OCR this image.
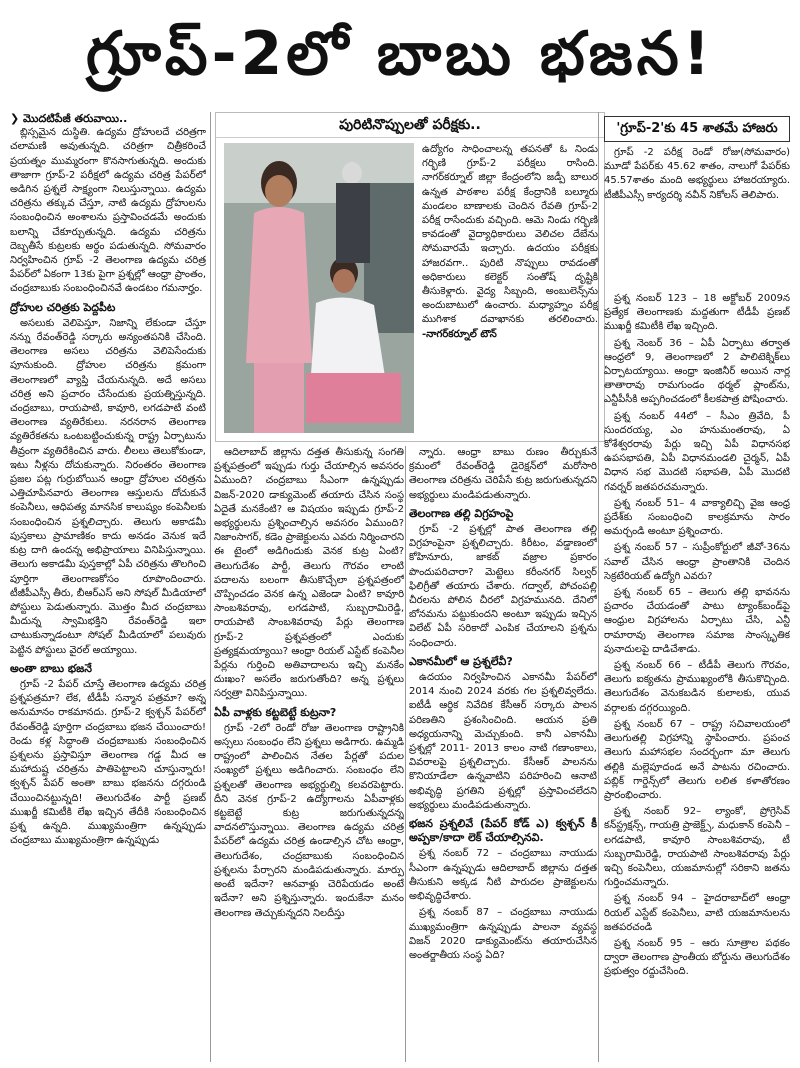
గ్రూప్-2లో బాబు భజన!
❯ మొదటిపేజీ తరువాయి..

బ్లిస్సమైన దుస్థితి. ఉద్యమ ద్రోహులదే చరిత్రగా చలామణి అవుతున్నది. చరిత్రగా చిత్రీకరించే ప్రయత్నం ముమ్మరంగా కొనసాగుతున్నది. అందుకు తాజాగా గ్రూప్-2 పరీక్షలో ఉద్యమ చరిత్ర పేపర్‌లో అడిగిన ప్రశ్నలే సాక్ష్యంగా నిలుస్తున్నాయి. ఉద్యమ చరిత్రను తక్కువ చేస్తూ, నాటి ఉద్యమ ద్రోహులను సంబంధించిన అంశాలను ప్రస్తావించడమే అందుకు బలాన్ని చేకూర్చుతున్నది. ఉద్యమ చరిత్రను దెబ్బతీసే కుట్రలకు అర్థం పడుతున్నది. సోమవారం నిర్వహించిన గ్రూప్ -2 తెలంగాణ ఉద్యమ చరిత్ర పేపర్‌లో ఏకంగా 13కు పైగా ప్రశ్నల్లో ఆంధ్రా ప్రాంతం, చంద్రబాబుకు సంబంధించినవే ఉండటం గమనార్హం.

ద్రోహుల చరిత్రకు పెద్దపీట

అసలుకు వెలిపెస్తూ, నిజాన్ని లేకుండా చేస్తూ నన్ను రేవంత్‌రెడ్డి సర్కారు అన్యంతపనికి చేసింది. తెలంగాణ అసలు చరిత్రను వెలిపెసేందుకు పూనుకుంది. ద్రోహుల చరిత్రను క్రమంగా తెలంగాణలో వ్యాప్తి చేయనున్నది. అదే అసలు చరిత్ర అని ప్రచారం చేసేందుకు ప్రయత్నిస్తున్నది. చంద్రబాబు, రాయపాటి, కావూరి, లగడపాటి వంటి తెలంగాణ వ్యతిరేకులు. నరనరాన తెలంగాణ వ్యతిరేకతను ఒంటబట్టించుకున్న రాష్ట్ర ఏర్పాటును తీవ్రంగా వ్యతిరేకించిన వారు. లీలలు తెలుకోకుండా, ఇటు నీళ్లను దోచుకున్నారు. నిరంతరం తెలంగాణ ప్రజల పట్ల గుర్రుబోయిన ఆంధ్రా ద్రోహుల చరిత్రను ఎత్తిచూపినవారు తెలంగాణ ఆస్తులను దోచుకునే కంపెనీలు, ఆధిపత్య మానసిక కాలుష్యం కంపెనీలకు సంబంధించిన ప్రశ్నలిచ్చారు. తెలుగు అకాడమీ పుస్తకాలు ప్రామాణికం కాదు అనడం వెనుక ఇదే కుట్ర దాగి ఉందన్న అభిప్రాయాలు వినిపిస్తున్నాయి. తెలుగు అకాడమీ పుస్తకాల్లో ఏపీ చరిత్రను తొలగించి పూర్తిగా తెలంగాణకోసం రూపొందించారు. టీజీపీఎస్సీ తీరు, బీఆర్‌ఎస్ అని సోషల్ మీడియాలో పోస్టులు పెడుతున్నారు. మొత్తం మీద చంద్రబాబు మీదున్న స్వామిభక్తిని రేవంత్‌రెడ్డి ఇలా చాటుకున్నాడంటూ సోషల్ మీడియాలో పలువురు పెట్టిన పోస్టులు వైరల్ అయ్యాయి.

అంతా బాబు భజనే

గ్రూప్ -2 పేపర్ చూస్తే తెలంగాణ ఉద్యమ చరిత్ర ప్రశ్నపత్రమా? లేక, టీడీపీ సన్మాన పత్రమా? అన్న అనుమానం రాకమానదు. గ్రూప్-2 క్వశ్చన్ పేపర్‌లో రేవంత్‌రెడ్డి పూర్తిగా చంద్రబాబు భజన చేయించారు! రెండు కళ్ల సిద్ధాంతి చంద్రబాబుకు సంబంధించిన ప్రశ్నలను ప్రస్తావిస్తూ తెలంగాణ గడ్డ మీద ఆ మహాదుష్ట చరిత్రను పాతిపెట్టాలని చూస్తున్నారు! క్వశ్చన్ పేపర్ అంతా బాబు భజనను దగ్గరుండి చేయించినట్టున్నది! తెలుగుదేశం పార్టీ ప్రణబ్ ముఖర్జీ కమిటీకి లేఖ ఇచ్చిన తేదీకి సంబంధించిన ప్రశ్న ఉన్నది. ముఖ్యమంత్రిగా ఉన్నప్పుడు చంద్రబాబు ముఖ్యమంత్రిగా ఉన్నప్పుడు

పురిటినొప్పులతో పరీక్షకు..
ఉద్యోగం సాధించాలన్న తపనతో ఓ నిండు గర్భిణి గ్రూప్-2 పరీక్షలు రాసింది. నాగర్‌కర్నూల్ జిల్లా కేంద్రంలోని జడ్పీ బాలుర ఉన్నత పాఠశాల పరీక్ష కేంద్రానికి బల్మూరు మండలం బాణాలకు చెందిన రేవతి గ్రూప్-2 పరీక్ష రాసేందుకు వచ్చింది. ఆమె నిండు గర్భిణి కావడంతో వైద్యాధికారులు వెలిచల దేబేను సోమవారమే ఇచ్చారు. ఉదయం పరీక్షకు హాజరవగా.. పురిటి నొప్పులు రావడంతో అధికారులు కలెక్టర్ సంతోష్ దృష్టికి తీసుకెళ్లారు. వైద్య సిబ్బంది, అంబులెన్స్‌ను అందుబాటులో ఉంచారు. మధ్యాహ్నం పరీక్ష ముగిశాక దవాఖానకు తరలించారు. -నాగర్‌కర్నూల్ టౌన్
'గ్రూప్-2'కు 45 శాతమే హాజరు

గ్రూప్ -2 పరీక్ష రెండో రోజు(సోమవారం) మూడో పేపర్‌కు 45.62 శాతం, నాలుగో పేపర్‌కు 45.57శాతం మంది అభ్యర్థులు హాజరయ్యారు. టీజీపీఎస్సీ కార్యదర్శి నవీన్ నికోలస్ తెలిపారు.

ఆదిలాబాద్ జిల్లాను దత్తత తీసుకున్న సంగతి ప్రశ్నపత్రంలో ఇప్పుడు గుర్తు చేయాల్సిన అవసరం ఏముంది? చంద్రబాబు సీఎంగా ఉన్నప్పుడు విజన్-2020 డాక్యుమెంట్ తయారు చేసిన సంస్థ ఏదైతే మనకేంటి? ఆ విషయం ఇప్పుడు గ్రూప్-2 అభ్యర్థులను ప్రశ్నించాల్సిన అవసరం ఏముంది? నిజాంసాగర్, కడెం ప్రాజెక్టులను ఎవరు నిర్మించారని ఈ టైంలో అడిగిందుకు వెనక కుట్ర ఏంటి? తెలుగుదేశం పార్టీ, తెలుగు గౌరవం లాంటి పదాలను బలంగా తీసుకొచ్చేలా ప్రశ్నపత్రంలో చొప్పించడం వెనక ఉన్న ఎజెండా ఏంటి? కావూరి సాంబశివరావు, లగడపాటి, సుబ్బరామిరెడ్డి, రాయపాటి సాంబశివరావు పేర్లు తెలంగాణ గ్రూప్-2 ప్రశ్నపత్రంలో ఎందుకు ప్రత్యక్షమయ్యాయి? ఆంధ్రా రియల్ ఎస్టేట్ కంపెనీల పేర్లను గుర్తించి అతివాదాలను ఇచ్చి మనకేం దుఃఖం? అసలేం జరుగుతోంది? అన్న ప్రశ్నలు సర్వత్రా వినిపిస్తున్నాయి.

ఏపీ వాళ్లకు కట్టబెట్టే కుట్రనా?

గ్రూప్ -2లో రెండో రోజు తెలంగాణ రాష్ట్రానికి అస్సలు సంబంధం లేని ప్రశ్నలు అడిగారు. ఉమ్మడి రాష్ట్రంలో పాలించిన నేతల పేర్లతో పదుల సంఖ్యలో ప్రశ్నలు అడిగించారు. సంబంధం లేని ప్రశ్నలతో తెలంగాణ అభ్యర్థుల్ని కలవరపెట్టారు. దీని వెనక గ్రూప్-2 ఉద్యోగాలను ఏపీవాళ్లకు కట్టబెట్టే కుట్ర జరుగుతున్నదన్న వాదనలొస్తున్నాయి. తెలంగాణ ఉద్యమ చరిత్ర పేపర్‌లో ఉద్యమ చరిత్ర ఉండాల్సిన చోట ఆంధ్రా, తెలుగుదేశం, చంద్రబాబుకు సంబంధించిన ప్రశ్నలను పేర్చారని మండిపడుతున్నారు. మార్పు అంటే ఇదేనా? ఆనవాళ్లు చెరిపేయడం అంటే ఇదేనా? అని ప్రశ్నిస్తున్నారు. ఇందుకేనా మనం తెలంగాణ తెచ్చుకున్నదని నిలదీస్తు

న్నారు. ఆంధ్రా బాబు రుణం తీర్చుకునే క్రమంలో రేవంత్‌రెడ్డి డైరెక్షన్‌లో మరోసారి తెలంగాణ చరిత్రను చెరిపేసే కుట్ర జరుగుతున్నదని అభ్యర్థులు మండిపడుతున్నారు.

తెలంగాణ తల్లి విగ్రహంపై

గ్రూప్ -2 ప్రశ్నల్లో పాత తెలంగాణ తల్లి విగ్రహంపైనా ప్రశ్నలిచ్చారు. కిరీటం, వడ్డాణంలో కోహినూరు, జాకబ్ వజ్రాల ప్రకారం పొందుపరిచారా? మెట్టెలు కరీంనగర్ సిల్వర్ ఫిలిగ్రీతో తయారు చేశారు. గద్వాల్, పోచంపల్లి చీరలను పోలిన చీరలో విగ్రహమునది. దేనిలో బోనమను పట్టుకుందని అంటూ ఇప్పుడు ఇచ్చిన విలేట్ ఏపీ సరికాదో ఎంపిక చేయాలని ప్రశ్నను సంధించారు.

ఎకానమీలో ఆ ప్రశ్నలేవీ?

ఉదయం నిర్వహించిన ఎకానమీ పేపర్‌లో 2014 నుంచి 2024 వరకు గల ప్రశ్నలివ్వలేదు. ఐటీడీ ఆర్థిక నివేదిక కేసీఆర్ సర్కారు పాలన పరిణతిని ప్రశంసించింది. ఆయన ప్రతి అధ్యయనాన్ని మెచ్చుకుంది. కానీ ఎకానమీ ప్రశ్నల్లో 2011- 2013 కాలం నాటి గణాంకాలు, వివరాలపై ప్రశ్నలిచ్చారు. కేసీఆర్ పాలనను కొనియాడేలా ఉన్నవాటిని పరిహరించి ఆనాటి అభివృద్ధి ప్రగతిని ప్రశ్నల్లో ప్రస్తావించలేదని అభ్యర్థులు మండిపడుతున్నారు.

భజన ప్రశ్నలివే (పేపర్ కోడ్ ఎ) క్వశ్చన్ కీ అప్పకా/కాదా లెక్ చేయాల్సినవి.

ప్రశ్న నంబర్ 72 – చంద్రబాబు నాయుడు సీఎంగా ఉన్నప్పుడు ఆదిలాబాద్ జిల్లాను దత్తత తీసుకుని అక్కడ నీటి పారుదల ప్రాజెక్టులను అభివృద్ధిచేశారు.

ప్రశ్న నంబర్ 87 – చంద్రబాబు నాయుడు ముఖ్యమంత్రిగా ఉన్నప్పుడు పాలనా వ్యవస్థ విజన్ 2020 డాక్యుమెంట్‌ను తయారుచేసిన అంతర్జాతీయ సంస్థ ఏది?

ప్రశ్న నంబర్ 123 – 18 అక్టోబర్ 2009న ప్రత్యేక తెలంగాణకు మద్దతుగా టీడీపీ ప్రణబ్ ముఖర్జీ కమిటీకి లేఖ ఇచ్చింది.

ప్రశ్న నెంబర్ 36 – ఏపీ ఏర్పాటు తర్వాత ఆంధ్రలో 9, తెలంగాణలో 2 పాలిటెక్నిక్‌లు ఏర్పాటయ్యాయి. ఆంధ్రా ఇంజినీర్ అయిన నార్ల తాతారావు రామగుండం థర్మల్ ప్లాంట్‌ను, ఎన్టీపీసీకి అప్పగించడంలో కీలకపాత్ర పోషించారు.

ప్రశ్న నంబర్ 44లో – సీఎం త్రివేది, పీ సుందరయ్య, ఎం హనుమంతరావు, ఏ కోశేశ్వరరావు పేర్లు ఇచ్చి ఏపీ విధానసభ ఉపసభాపతి, ఏపీ విధానమండలి చైర్మన్, ఏపీ విధాన సభ మొదటి సభాపతి, ఏపీ మొదటి గవర్నర్ జతపరచమన్నారు.

ప్రశ్న నంబర్ 51– 4 వాక్యాలిచ్చి వైజ ఆంధ్ర ప్రదేశ్‌కు సంబంధించి కాలక్రమాను సారం అమర్చండి అంటూ ప్రశ్నించారు.

ప్రశ్న నంబర్ 57 – సుప్రీంకోర్టులో జీవో-36ను సవాల్ చేసిన ఆంధ్రా ప్రాంతానికి చెందిన సెక్రటేరియట్ ఉద్యోగి ఎవరు?

ప్రశ్న నంబర్ 65 – తెలుగు తల్లి భావనను ప్రచారం చేయడంతో పాటు ట్యాంక్‌బండ్‌పై ఆంధ్రుల విగ్రహాలను ఏర్పాటు చేసి, ఎన్టీ రామారావు తెలంగాణ సమాజ సాంస్కృతిక పునాదులపై దాడిచేశాడు.

ప్రశ్న నంబర్ 66 – టీడీపీ తెలుగు గౌరవం, తెలుగు ఐక్యతను ప్రాముఖ్యంలోకి తీసుకొచ్చింది. తెలుగుదేశం వెనుకబడిన కులాలకు, యువ వర్గాలకు దగ్గరయ్యింది.

ప్రశ్న నంబర్ 67 – రాష్ట్ర సచివాలయంలో తెలుగుతల్లి విగ్రహాన్ని స్థాపించారు. ప్రపంచ తెలుగు మహాసభల సందర్భంగా మా తెలుగు తల్లికి మల్లెపూదండ అనే పాటను రచించారు. పబ్లిక్ గార్డెన్స్‌లో తెలుగు లలిత కళాతోరణం ప్రారంభించారు.

ప్రశ్న నంబర్ 92– ల్యాంకో, ప్రోగ్రెసివ్ కన్‌స్ట్రక్షన్స్, గాయత్రి ప్రాజెక్ట్స్, మధుకాన్ కంపెనీ – లగడపాటి, కావూరి సాంబశివరావు, టీ సుబ్బరామిరెడ్డి, రాయపాటి సాంబశివరావు పేర్లు ఇచ్చి కంపెనీలు, యజమానుల్లో సరికాని జతను గుర్తించమన్నారు.

ప్రశ్న నంబర్ 94 – హైదరాబాద్‌లో ఆంధ్రా రియల్ ఎస్టేట్ కంపెనీలు, వాటి యజమానులను జతపరచండి

ప్రశ్న నంబర్ 95 – ఆరు సూత్రాల పథకం ద్వారా తెలంగాణ ప్రాంతీయ బోర్డును తెలుగుదేశం ప్రభుత్వం రద్దుచేసింది.
